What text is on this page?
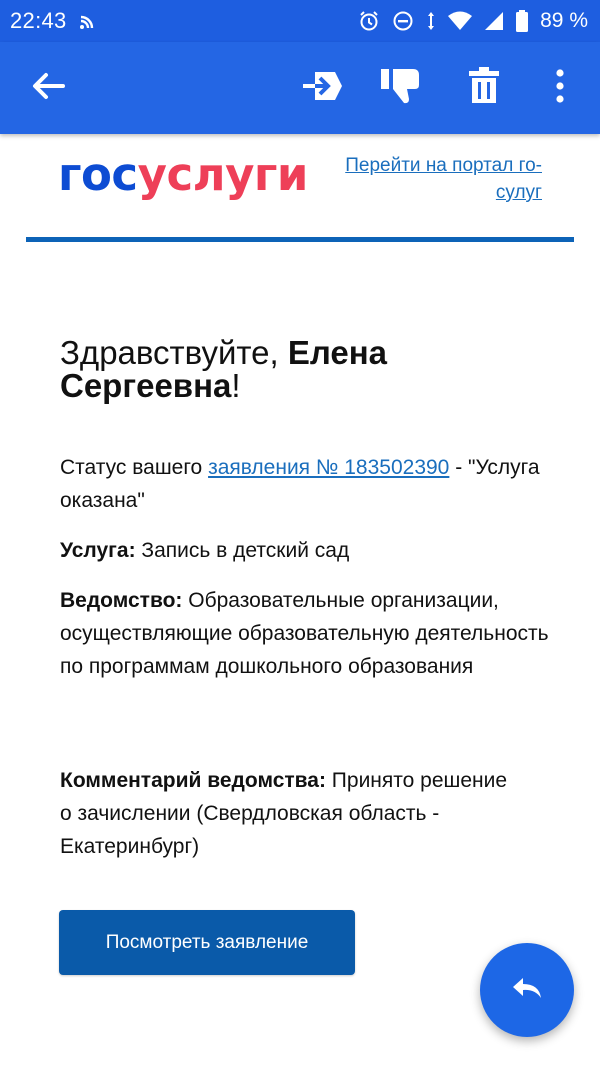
22:43	89 %
госуслуги	Перейти на портал го- сулуг
Здравствуйте, Елена Сергеевна!
Статус вашего заявления № 183502390 - "Услуга оказана"
Услуга: Запись в детский сад
Ведомство: Образовательные организации, осуществляющие образовательную деятельность по программам дошкольного образования
Комментарий ведомства: Принято решение о зачислении (Свердловская область - Екатеринбург)
Посмотреть заявление
